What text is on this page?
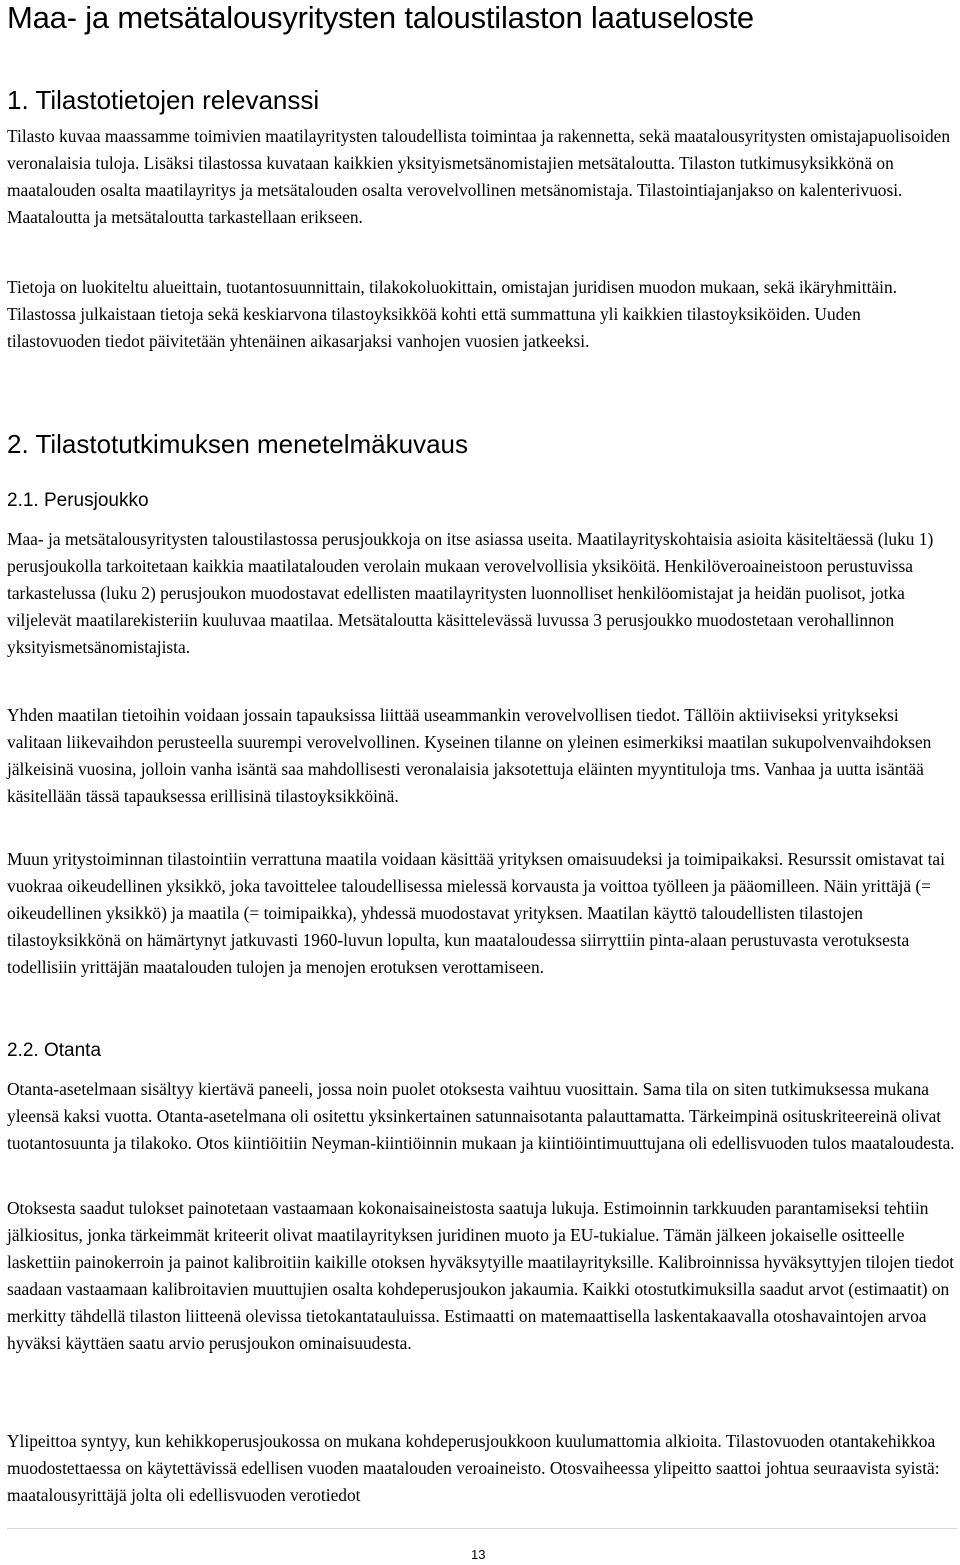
Maa- ja metsätalousyritysten taloustilaston laatuseloste
1. Tilastotietojen relevanssi

Tilasto kuvaa maassamme toimivien maatilayritysten taloudellista toimintaa ja rakennetta, sekä maatalousyritysten omistajapuolisoiden veronalaisia tuloja. Lisäksi tilastossa kuvataan kaikkien yksityismetsänomistajien metsätaloutta. Tilaston tutkimusyksikkönä on maatalouden osalta maatilayritys ja metsätalouden osalta verovelvollinen metsänomistaja. Tilastointiajanjakso on kalenterivuosi. Maataloutta ja metsätaloutta tarkastellaan erikseen.

Tietoja on luokiteltu alueittain, tuotantosuunnittain, tilakokoluokittain, omistajan juridisen muodon mukaan, sekä ikäryhmittäin. Tilastossa julkaistaan tietoja sekä keskiarvona tilastoyksikköä kohti että summattuna yli kaikkien tilastoyksiköiden. Uuden tilastovuoden tiedot päivitetään yhtenäinen aikasarjaksi vanhojen vuosien jatkeeksi.

2. Tilastotutkimuksen menetelmäkuvaus
2.1. Perusjoukko

Maa- ja metsätalousyritysten taloustilastossa perusjoukkoja on itse asiassa useita. Maatilayrityskohtaisia asioita käsiteltäessä (luku 1) perusjoukolla tarkoitetaan kaikkia maatilatalouden verolain mukaan verovelvollisia yksiköitä. Henkilöveroaineistoon perustuvissa tarkastelussa (luku 2) perusjoukon muodostavat edellisten maatilayritysten luonnolliset henkilöomistajat ja heidän puolisot, jotka viljelevät maatilarekisteriin kuuluvaa maatilaa. Metsätaloutta käsittelevässä luvussa 3 perusjoukko muodostetaan verohallinnon yksityismetsänomistajista.

Yhden maatilan tietoihin voidaan jossain tapauksissa liittää useammankin verovelvollisen tiedot. Tällöin aktiiviseksi yritykseksi valitaan liikevaihdon perusteella suurempi verovelvollinen. Kyseinen tilanne on yleinen esimerkiksi maatilan sukupolvenvaihdoksen jälkeisinä vuosina, jolloin vanha isäntä saa mahdollisesti veronalaisia jaksotettuja eläinten myyntituloja tms. Vanhaa ja uutta isäntää käsitellään tässä tapauksessa erillisinä tilastoyksikköinä.

Muun yritystoiminnan tilastointiin verrattuna maatila voidaan käsittää yrityksen omaisuudeksi ja toimipaikaksi. Resurssit omistavat tai vuokraa oikeudellinen yksikkö, joka tavoittelee taloudellisessa mielessä korvausta ja voittoa työlleen ja pääomilleen. Näin yrittäjä (= oikeudellinen yksikkö) ja maatila (= toimipaikka), yhdessä muodostavat yrityksen. Maatilan käyttö taloudellisten tilastojen tilastoyksikkönä on hämärtynyt jatkuvasti 1960-luvun lopulta, kun maataloudessa siirryttiin pinta-alaan perustuvasta verotuksesta todellisiin yrittäjän maatalouden tulojen ja menojen erotuksen verottamiseen.

2.2. Otanta

Otanta-asetelmaan sisältyy kiertävä paneeli, jossa noin puolet otoksesta vaihtuu vuosittain. Sama tila on siten tutkimuksessa mukana yleensä kaksi vuotta. Otanta-asetelmana oli ositettu yksinkertainen satunnaisotanta palauttamatta. Tärkeimpinä osituskriteereinä olivat tuotantosuunta ja tilakoko. Otos kiintiöitiin Neyman-kiintiöinnin mukaan ja kiintiöintimuuttujana oli edellisvuoden tulos maataloudesta.

Otoksesta saadut tulokset painotetaan vastaamaan kokonaisaineistosta saatuja lukuja. Estimoinnin tarkkuuden parantamiseksi tehtiin jälkiositus, jonka tärkeimmät kriteerit olivat maatilayrityksen juridinen muoto ja EU-tukialue. Tämän jälkeen jokaiselle ositteelle laskettiin painokerroin ja painot kalibroitiin kaikille otoksen hyväksytyille maatilayrityksille. Kalibroinnissa hyväksyttyjen tilojen tiedot saadaan vastaamaan kalibroitavien muuttujien osalta kohdeperusjoukon jakaumia. Kaikki otostutkimuksilla saadut arvot (estimaatit) on merkitty tähdellä tilaston liitteenä olevissa tietokantatauluissa. Estimaatti on matemaattisella laskentakaavalla otoshavaintojen arvoa hyväksi käyttäen saatu arvio perusjoukon ominaisuudesta.

Ylipeittoa syntyy, kun kehikkoperusjoukossa on mukana kohdeperusjoukkoon kuulumattomia alkioita. Tilastovuoden otantakehikkoa muodostettaessa on käytettävissä edellisen vuoden maatalouden veroaineisto. Otosvaiheessa ylipeitto saattoi johtua seuraavista syistä: maatalousyrittäjä jolta oli edellisvuoden verotiedot

13
